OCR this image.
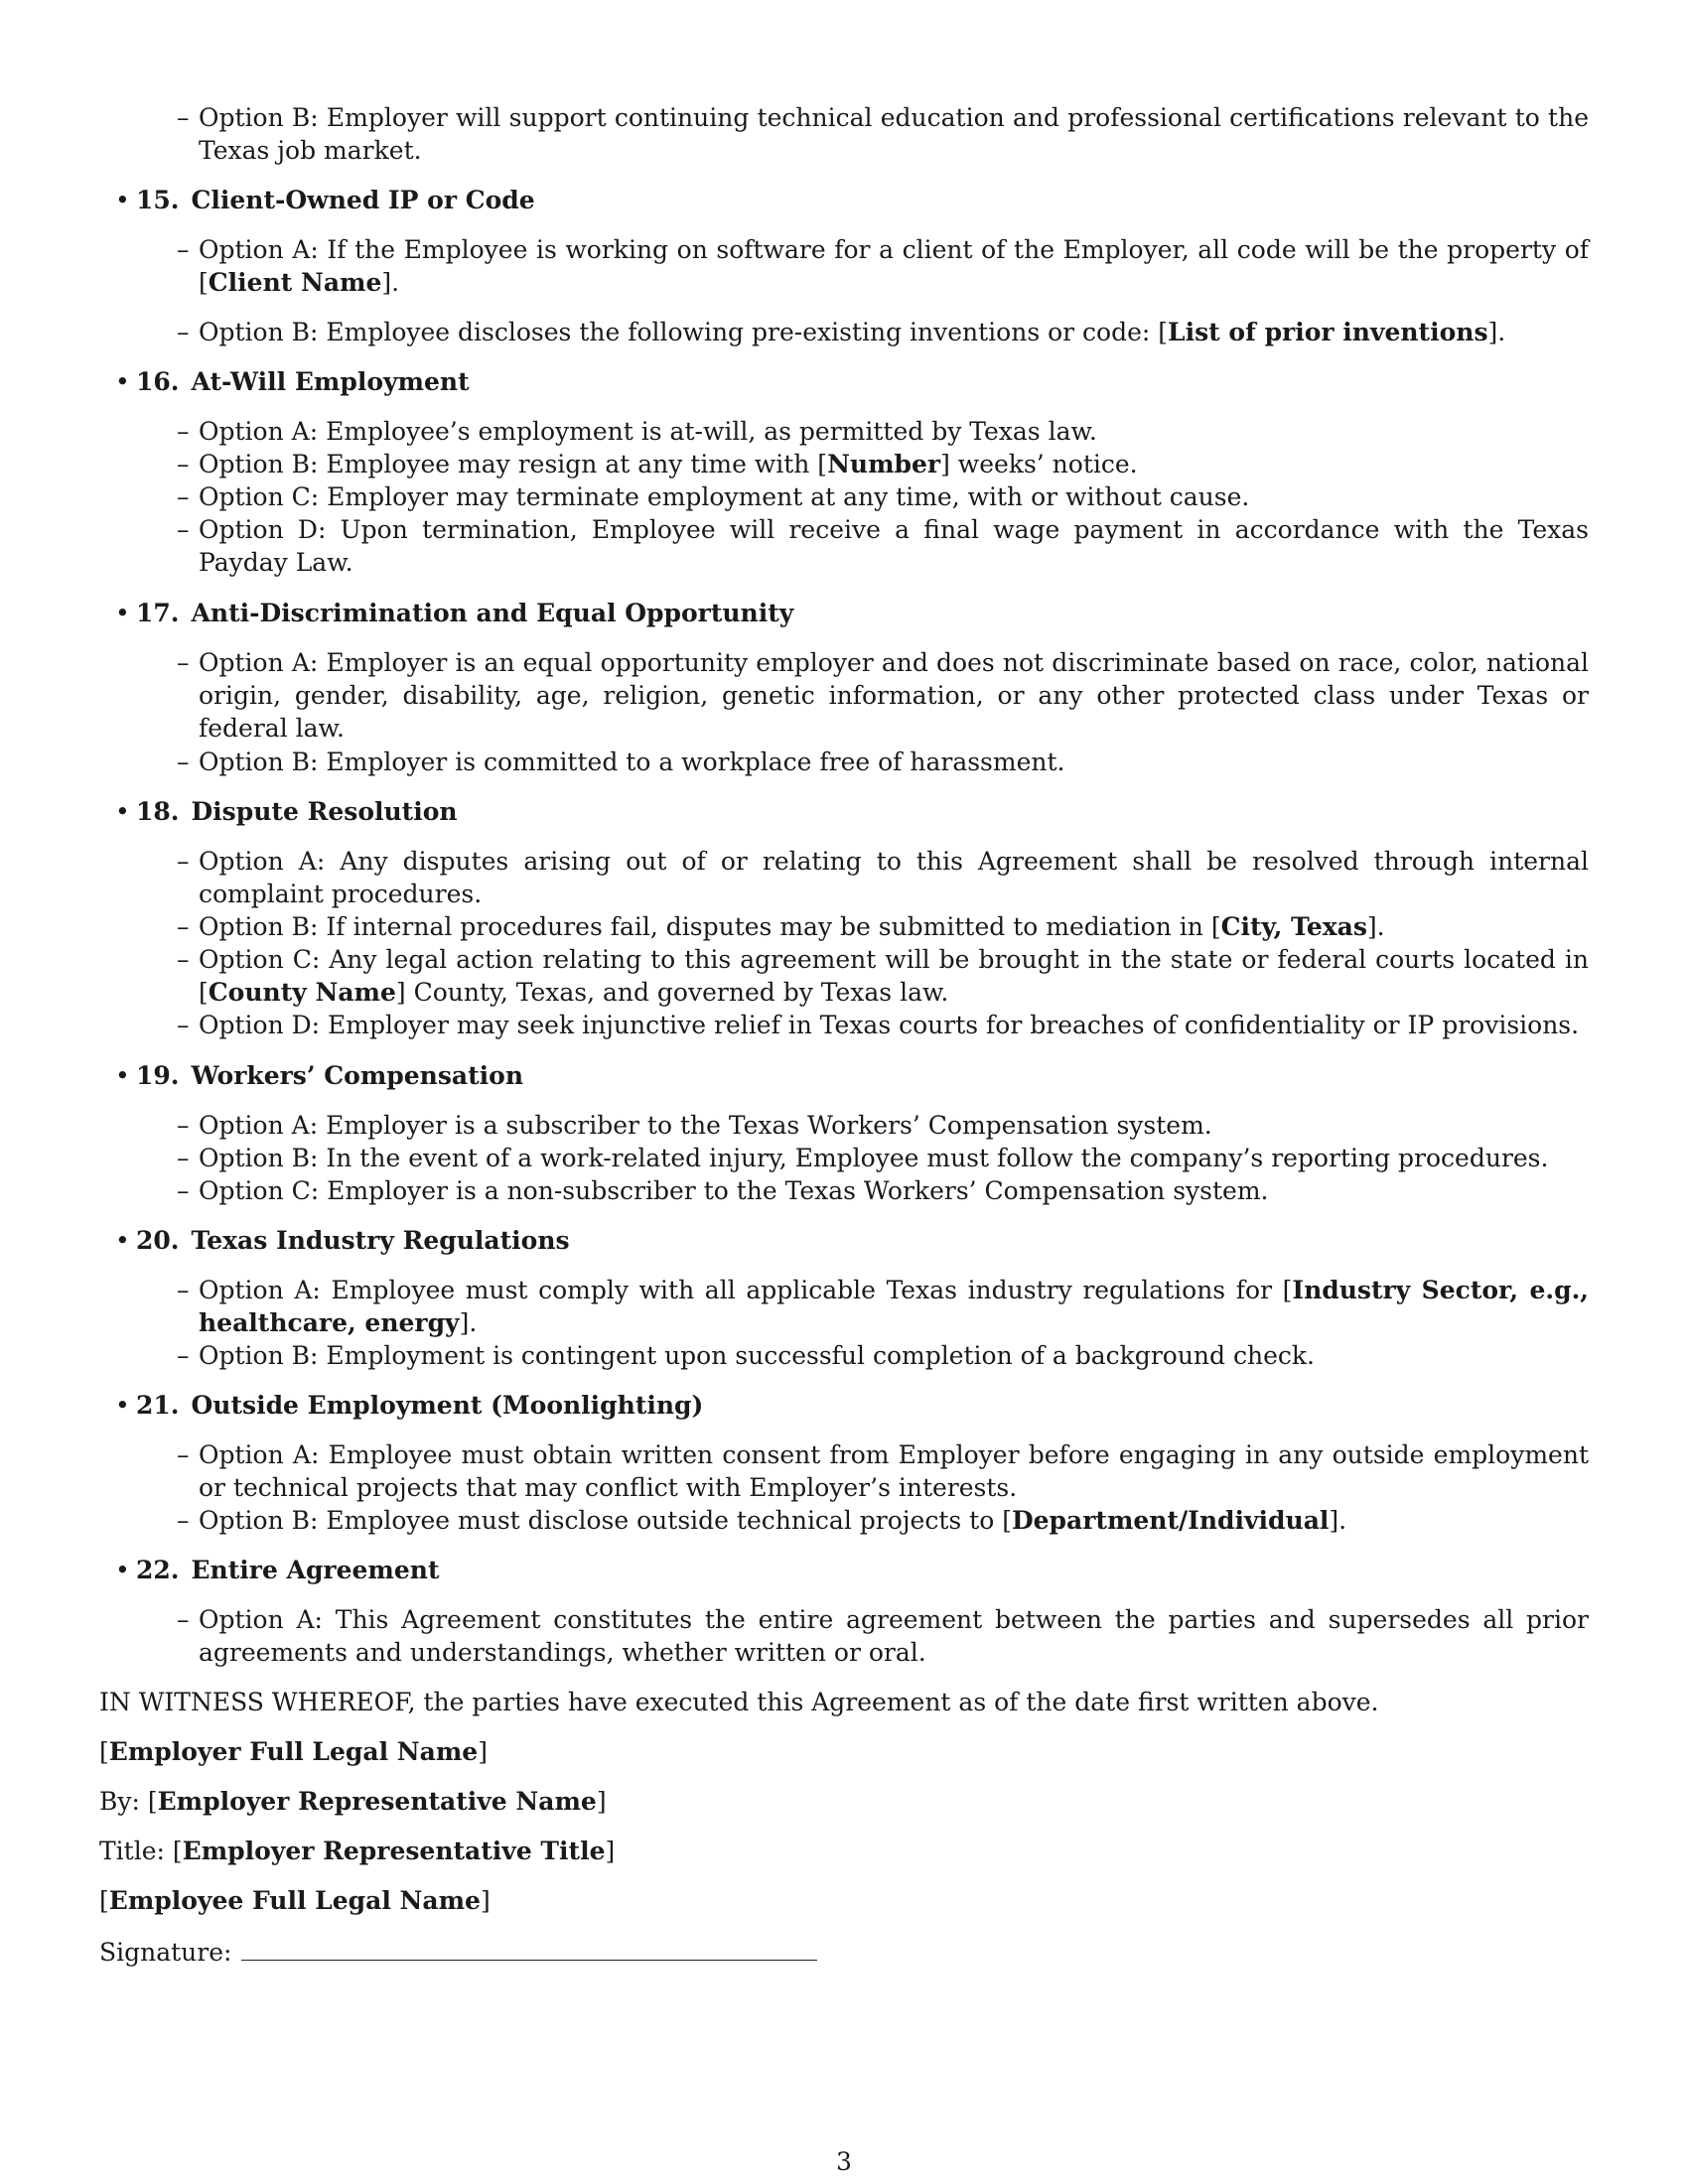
– Option B: Employer will support continuing technical education and professional certifications relevant to the Texas job market.

• 15. Client-Owned IP or Code
– Option A: If the Employee is working on software for a client of the Employer, all code will be the property of [Client Name].

– Option B: Employee discloses the following pre-existing inventions or code: [List of prior inventions].

• 16. At-Will Employment
– Option A: Employee’s employment is at-will, as permitted by Texas law.

– Option B: Employee may resign at any time with [Number] weeks’ notice.

– Option C: Employer may terminate employment at any time, with or without cause.

– Option D: Upon termination, Employee will receive a final wage payment in accordance with the Texas Payday Law.

• 17. Anti-Discrimination and Equal Opportunity
– Option A: Employer is an equal opportunity employer and does not discriminate based on race, color, national origin, gender, disability, age, religion, genetic information, or any other protected class under Texas or federal law.

– Option B: Employer is committed to a workplace free of harassment.

• 18. Dispute Resolution
– Option A: Any disputes arising out of or relating to this Agreement shall be resolved through internal complaint procedures.

– Option B: If internal procedures fail, disputes may be submitted to mediation in [City, Texas].

– Option C: Any legal action relating to this agreement will be brought in the state or federal courts located in [County Name] County, Texas, and governed by Texas law.

– Option D: Employer may seek injunctive relief in Texas courts for breaches of confidentiality or IP provisions.

• 19. Workers’ Compensation
– Option A: Employer is a subscriber to the Texas Workers’ Compensation system.

– Option B: In the event of a work-related injury, Employee must follow the company’s reporting procedures.

– Option C: Employer is a non-subscriber to the Texas Workers’ Compensation system.

• 20. Texas Industry Regulations
– Option A: Employee must comply with all applicable Texas industry regulations for [Industry Sector, e.g., healthcare, energy].

– Option B: Employment is contingent upon successful completion of a background check.

• 21. Outside Employment (Moonlighting)
– Option A: Employee must obtain written consent from Employer before engaging in any outside employment or technical projects that may conflict with Employer’s interests.

– Option B: Employee must disclose outside technical projects to [Department/Individual].

• 22. Entire Agreement
– Option A: This Agreement constitutes the entire agreement between the parties and supersedes all prior agreements and understandings, whether written or oral.

IN WITNESS WHEREOF, the parties have executed this Agreement as of the date first written above.
[Employer Full Legal Name]
By: [Employer Representative Name]
Title: [Employer Representative Title]
[Employee Full Legal Name]
Signature:
3
